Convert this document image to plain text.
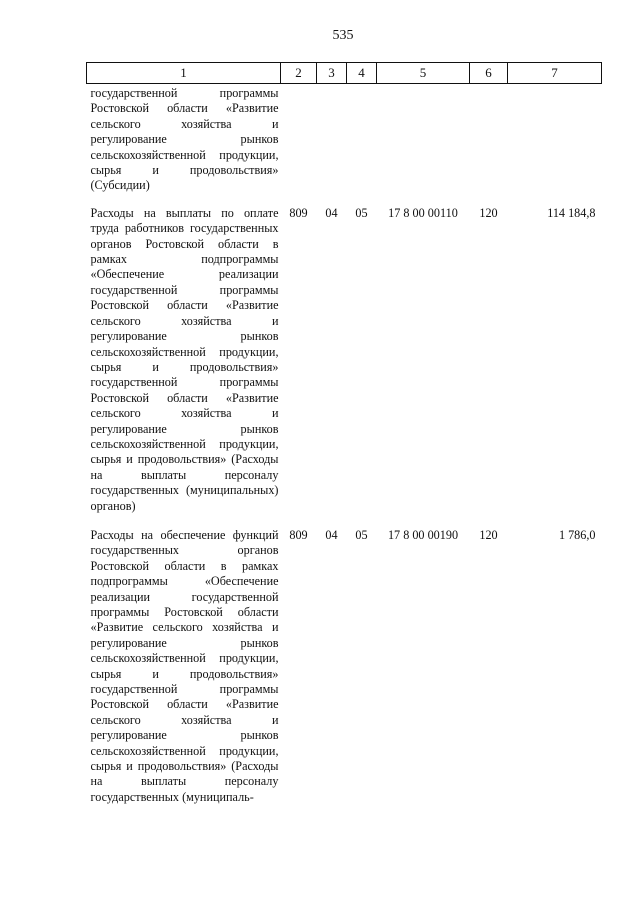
535
1	2	3	4	5	6	7
государственной программы Ростовской области «Развитие сельского хозяйства и регулирование рынков сельскохозяйственной продукции, сырья и продовольствия» (Субсидии)						
Расходы на выплаты по оплате труда работников государственных органов Ростовской области в рамках подпрограммы «Обеспечение реализации государственной программы Ростовской области «Развитие сельского хозяйства и регулирование рынков сельскохозяйственной продукции, сырья и продовольствия» государственной программы Ростовской области «Развитие сельского хозяйства и регулирование рынков сельскохозяйственной продукции, сырья и продовольствия» (Расходы на выплаты персоналу государственных (муниципальных) органов)	809	04	05	17 8 00 00110	120	114 184,8
Расходы на обеспечение функций государственных органов Ростовской области в рамках подпрограммы «Обеспечение реализации государственной программы Ростовской области «Развитие сельского хозяйства и регулирование рынков сельскохозяйственной продукции, сырья и продовольствия» государственной программы Ростовской области «Развитие сельского хозяйства и регулирование рынков сельскохозяйственной продукции, сырья и продовольствия» (Расходы на выплаты персоналу государственных (муниципаль-	809	04	05	17 8 00 00190	120	1 786,0
